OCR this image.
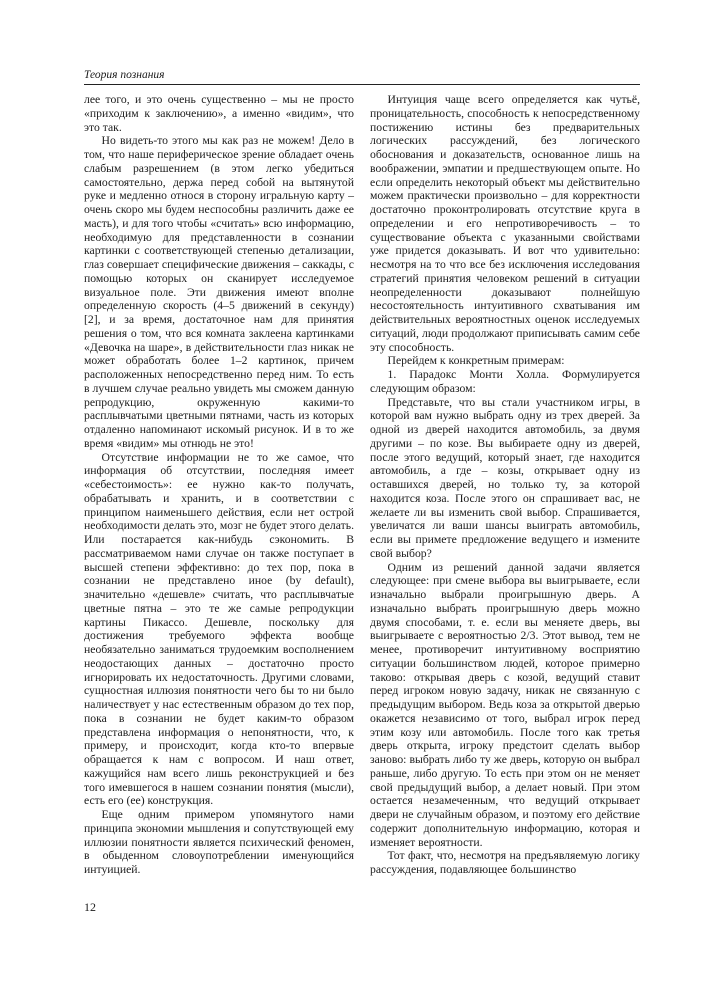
Теория познания

лее того, и это очень существенно – мы не просто «приходим к заключению», а именно «видим», что это так.

Но видеть-то этого мы как раз не можем! Дело в том, что наше периферическое зрение обладает очень слабым разрешением (в этом легко убедиться самостоятельно, держа перед собой на вытянутой руке и медленно относя в сторону игральную карту – очень скоро мы будем неспособны различить даже ее масть), и для того чтобы «считать» всю информацию, необходимую для представленности в сознании картинки с соответствующей степенью детализации, глаз совершает специфические движения – саккады, с помощью которых он сканирует исследуемое визуальное поле. Эти движения имеют вполне определенную скорость (4–5 движений в секунду) [2], и за время, достаточное нам для принятия решения о том, что вся комната заклеена картинками «Девочка на шаре», в действительности глаз никак не может обработать более 1–2 картинок, причем расположенных непосредственно перед ним. То есть в лучшем случае реально увидеть мы сможем данную репродукцию, окруженную какими-то расплывчатыми цветными пятнами, часть из которых отдаленно напоминают искомый рисунок. И в то же время «видим» мы отнюдь не это!

Отсутствие информации не то же самое, что информация об отсутствии, последняя имеет «себестоимость»: ее нужно как-то получать, обрабатывать и хранить, и в соответствии с принципом наименьшего действия, если нет острой необходимости делать это, мозг не будет этого делать. Или постарается как-нибудь сэкономить. В рассматриваемом нами случае он также поступает в высшей степени эффективно: до тех пор, пока в сознании не представлено иное (by default), значительно «дешевле» считать, что расплывчатые цветные пятна – это те же самые репродукции картины Пикассо. Дешевле, поскольку для достижения требуемого эффекта вообще необязательно заниматься трудоемким восполнением неодостающих данных – достаточно просто игнорировать их недостаточность. Другими словами, сущностная иллюзия понятности чего бы то ни было наличествует у нас естественным образом до тех пор, пока в сознании не будет каким-то образом представлена информация о непонятности, что, к примеру, и происходит, когда кто-то впервые обращается к нам с вопросом. И наш ответ, кажущийся нам всего лишь реконструкцией и без того имевшегося в нашем сознании понятия (мысли), есть его (ее) конструкция.

Еще одним примером упомянутого нами принципа экономии мышления и сопутствующей ему иллюзии понятности является психический феномен, в обыденном словоупотреблении именующийся интуицией.

Интуиция чаще всего определяется как чутьё, проницательность, способность к непосредственному постижению истины без предварительных логических рассуждений, без логического обоснования и доказательств, основанное лишь на воображении, эмпатии и предшествующем опыте. Но если определить некоторый объект мы действительно можем практически произвольно – для корректности достаточно проконтролировать отсутствие круга в определении и его непротиворечивость – то существование объекта с указанными свойствами уже придется доказывать. И вот что удивительно: несмотря на то что все без исключения исследования стратегий принятия человеком решений в ситуации неопределенности доказывают полнейшую несостоятельность интуитивного схватывания им действительных вероятностных оценок исследуемых ситуаций, люди продолжают приписывать самим себе эту способность.

Перейдем к конкретным примерам:

1. Парадокс Монти Холла. Формулируется следующим образом:

Представьте, что вы стали участником игры, в которой вам нужно выбрать одну из трех дверей. За одной из дверей находится автомобиль, за двумя другими – по козе. Вы выбираете одну из дверей, после этого ведущий, который знает, где находится автомобиль, а где – козы, открывает одну из оставшихся дверей, но только ту, за которой находится коза. После этого он спрашивает вас, не желаете ли вы изменить свой выбор. Спрашивается, увеличатся ли ваши шансы выиграть автомобиль, если вы примете предложение ведущего и измените свой выбор?

Одним из решений данной задачи является следующее: при смене выбора вы выигрываете, если изначально выбрали проигрышную дверь. А изначально выбрать проигрышную дверь можно двумя способами, т. е. если вы меняете дверь, вы выигрываете с вероятностью 2/3. Этот вывод, тем не менее, противоречит интуитивному восприятию ситуации большинством людей, которое примерно таково: открывая дверь с козой, ведущий ставит перед игроком новую задачу, никак не связанную с предыдущим выбором. Ведь коза за открытой дверью окажется независимо от того, выбрал игрок перед этим козу или автомобиль. После того как третья дверь открыта, игроку предстоит сделать выбор заново: выбрать либо ту же дверь, которую он выбрал раньше, либо другую. То есть при этом он не меняет свой предыдущий выбор, а делает новый. При этом остается незамеченным, что ведущий открывает двери не случайным образом, и поэтому его действие содержит дополнительную информацию, которая и изменяет вероятности.

Тот факт, что, несмотря на предъявляемую логику рассуждения, подавляющее большинство

12
